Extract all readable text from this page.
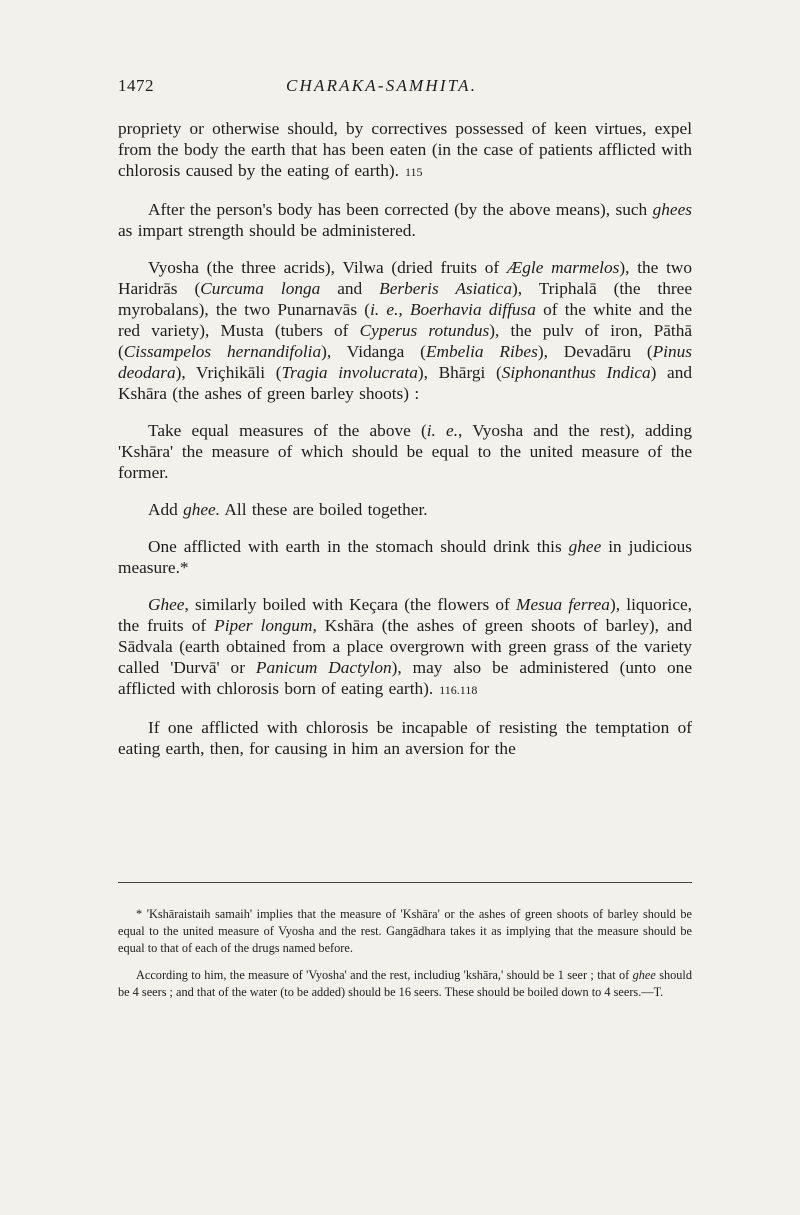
1472	CHARAKA-SAMHITA.

propriety or otherwise should, by correctives possessed of keen virtues, expel from the body the earth that has been eaten (in the case of patients afflicted with chlorosis caused by the eating of earth). 115

After the person's body has been corrected (by the above means), such ghees as impart strength should be administered.

Vyosha (the three acrids), Vilwa (dried fruits of Ægle marmelos), the two Haridrās (Curcuma longa and Berberis Asiatica), Triphalā (the three myrobalans), the two Punarnavās (i. e., Boerhavia diffusa of the white and the red variety), Musta (tubers of Cyperus rotundus), the pulv of iron, Pāthā (Cissampelos hernandifolia), Vidanga (Embelia Ribes), Devadāru (Pinus deodara), Vriçhikāli (Tragia involucrata), Bhārgi (Siphonanthus Indica) and Kshāra (the ashes of green barley shoots) :

Take equal measures of the above (i. e., Vyosha and the rest), adding 'Kshāra' the measure of which should be equal to the united measure of the former.

Add ghee. All these are boiled together.

One afflicted with earth in the stomach should drink this ghee in judicious measure.*

Ghee, similarly boiled with Keçara (the flowers of Mesua ferrea), liquorice, the fruits of Piper longum, Kshāra (the ashes of green shoots of barley), and Sādvala (earth obtained from a place overgrown with green grass of the variety called 'Durvā' or Panicum Dactylon), may also be administered (unto one afflicted with chlorosis born of eating earth). 116.118

If one afflicted with chlorosis be incapable of resisting the temptation of eating earth, then, for causing in him an aversion for the

* 'Kshāraistaih samaih' implies that the measure of 'Kshāra' or the ashes of green shoots of barley should be equal to the united measure of Vyosha and the rest. Gangādhara takes it as implying that the measure should be equal to that of each of the drugs named before.

According to him, the measure of 'Vyosha' and the rest, includiug 'kshāra,' should be 1 seer ; that of ghee should be 4 seers ; and that of the water (to be added) should be 16 seers. These should be boiled down to 4 seers.—T.
